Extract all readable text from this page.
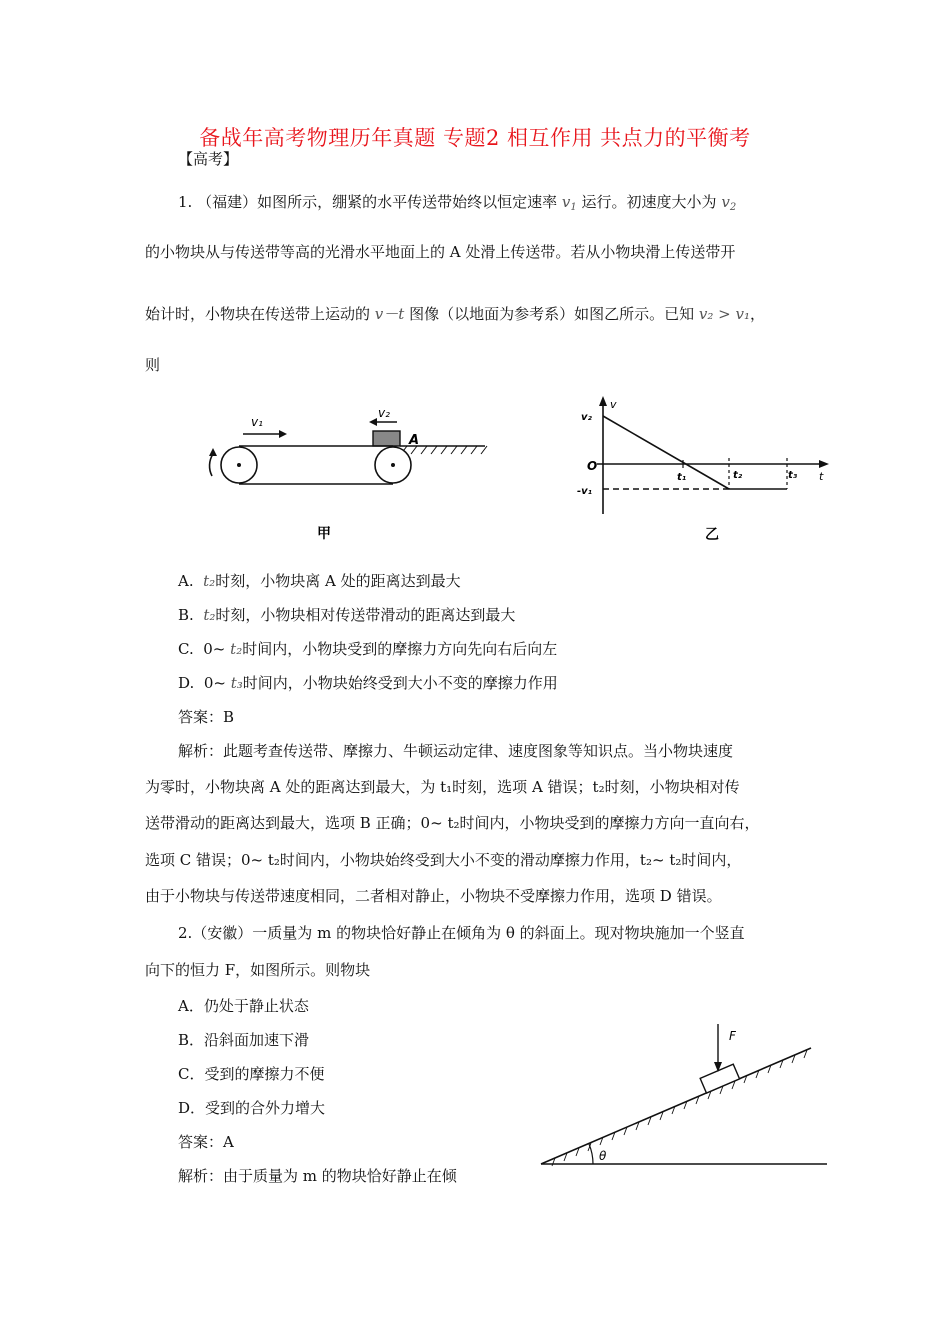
备战年高考物理历年真题 专题2 相互作用 共点力的平衡考
【高考】
1. （福建）如图所示，绷紧的水平传送带始终以恒定速率 $v_1$ 运行。初速度大小为 $v_2$
的小物块从与传送带等高的光滑水平地面上的 A 处滑上传送带。若从小物块滑上传送带开
始计时，小物块在传送带上运动的 v－t 图像（以地面为参考系）如图乙所示。已知 v₂ > v₁，
则
v₁
v₂
A
甲
v
t
v₂
O
-v₁
t₁	t₂	t₃
乙
A. t₂时刻，小物块离 A 处的距离达到最大
B. t₂时刻，小物块相对传送带滑动的距离达到最大
C. 0~ t₂时间内，小物块受到的摩擦力方向先向右后向左
D. 0~ t₃时间内，小物块始终受到大小不变的摩擦力作用
答案：B
解析：此题考查传送带、摩擦力、牛顿运动定律、速度图象等知识点。当小物块速度
为零时，小物块离 A 处的距离达到最大，为 t₁时刻，选项 A 错误；t₂时刻，小物块相对传
送带滑动的距离达到最大，选项 B 正确；0~ t₂时间内，小物块受到的摩擦力方向一直向右，
选项 C 错误；0~ t₂时间内，小物块始终受到大小不变的滑动摩擦力作用，t₂~ t₂时间内，
由于小物块与传送带速度相同，二者相对静止，小物块不受摩擦力作用，选项 D 错误。
2.（安徽）一质量为 m 的物块恰好静止在倾角为 θ 的斜面上。现对物块施加一个竖直
向下的恒力 F，如图所示。则物块
A．仍处于静止状态
B．沿斜面加速下滑
C．受到的摩擦力不便
D．受到的合外力增大
答案：A
解析：由于质量为 m 的物块恰好静止在倾
F
θ
